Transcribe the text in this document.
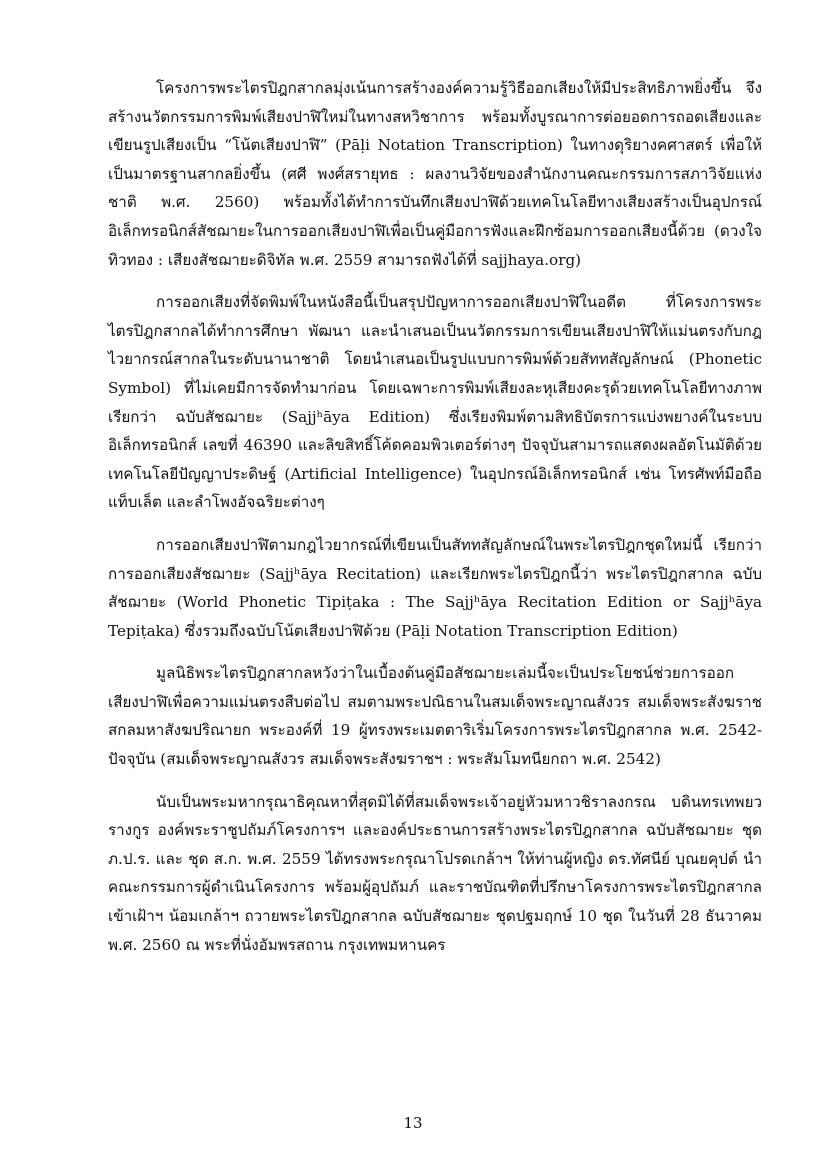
โครงการพระไตรปิฎกสากลมุ่งเน้นการสร้างองค์ความรู้วิธีออกเสียงให้มีประสิทธิภาพยิ่งขึ้น จึงสร้างนวัตกรรมการพิมพ์เสียงปาฬิใหม่ในทางสหวิชาการ พร้อมทั้งบูรณาการต่อยอดการถอดเสียงและเขียนรูปเสียงเป็น “โน้ตเสียงปาฬิ” (Pāḷi Notation Transcription) ในทางดุริยางคศาสตร์ เพื่อให้เป็นมาตรฐานสากลยิ่งขึ้น (ศศี พงศ์สรายุทธ : ผลงานวิจัยของสำนักงานคณะกรรมการสภาวิจัยแห่งชาติ พ.ศ. 2560) พร้อมทั้งได้ทำการบันทึกเสียงปาฬิด้วยเทคโนโลยีทางเสียงสร้างเป็นอุปกรณ์อิเล็กทรอนิกส์สัชฌายะในการออกเสียงปาฬิเพื่อเป็นคู่มือการฟังและฝึกซ้อมการออกเสียงนี้ด้วย (ดวงใจ ทิวทอง : เสียงสัชฌายะดิจิทัล พ.ศ. 2559 สามารถฟังได้ที่ sajjhaya.org)

การออกเสียงที่จัดพิมพ์ในหนังสือนี้เป็นสรุปปัญหาการออกเสียงปาฬิในอดีต ที่โครงการพระไตรปิฎกสากลได้ทำการศึกษา พัฒนา และนำเสนอเป็นนวัตกรรมการเขียนเสียงปาฬิให้แม่นตรงกับกฎไวยากรณ์สากลในระดับนานาชาติ โดยนำเสนอเป็นรูปแบบการพิมพ์ด้วยสัททสัญลักษณ์ (Phonetic Symbol) ที่ไม่เคยมีการจัดทำมาก่อน โดยเฉพาะการพิมพ์เสียงละหุเสียงคะรุด้วยเทคโนโลยีทางภาพ เรียกว่า ฉบับสัชฌายะ (Sajjʰāya Edition) ซึ่งเรียงพิมพ์ตามสิทธิบัตรการแบ่งพยางค์ในระบบอิเล็กทรอนิกส์ เลขที่ 46390 และลิขสิทธิ์โค้ดคอมพิวเตอร์ต่างๆ ปัจจุบันสามารถแสดงผลอัตโนมัติด้วยเทคโนโลยีปัญญาประดิษฐ์ (Artificial Intelligence) ในอุปกรณ์อิเล็กทรอนิกส์ เช่น โทรศัพท์มือถือ แท็บเล็ต และลำโพงอัจฉริยะต่างๆ

การออกเสียงปาฬิตามกฎไวยากรณ์ที่เขียนเป็นสัททสัญลักษณ์ในพระไตรปิฎกชุดใหม่นี้ เรียกว่า การออกเสียงสัชฌายะ (Sajjʰāya Recitation) และเรียกพระไตรปิฎกนี้ว่า พระไตรปิฎกสากล ฉบับสัชฌายะ (World Phonetic Tipiṭaka : The Sajjʰāya Recitation Edition or Sajjʰāya Tepiṭaka) ซึ่งรวมถึงฉบับโน้ตเสียงปาฬิด้วย (Pāḷi Notation Transcription Edition)

มูลนิธิพระไตรปิฎกสากลหวังว่าในเบื้องต้นคู่มือสัชฌายะเล่มนี้จะเป็นประโยชน์ช่วยการออกเสียงปาฬิเพื่อความแม่นตรงสืบต่อไป สมตามพระปณิธานในสมเด็จพระญาณสังวร สมเด็จพระสังฆราช สกลมหาสังฆปริณายก พระองค์ที่ 19 ผู้ทรงพระเมตตาริเริ่มโครงการพระไตรปิฎกสากล พ.ศ. 2542-ปัจจุบัน (สมเด็จพระญาณสังวร สมเด็จพระสังฆราชฯ : พระสัมโมทนียกถา พ.ศ. 2542)

นับเป็นพระมหากรุณาธิคุณหาที่สุดมิได้ที่สมเด็จพระเจ้าอยู่หัวมหาวชิราลงกรณ บดินทรเทพยวรางกูร องค์พระราชูปถัมภ์โครงการฯ และองค์ประธานการสร้างพระไตรปิฎกสากล ฉบับสัชฌายะ ชุด ภ.ป.ร. และ ชุด ส.ก. พ.ศ. 2559 ได้ทรงพระกรุณาโปรดเกล้าฯ ให้ท่านผู้หญิง ดร.ทัศนีย์ บุณยคุปต์ นำคณะกรรมการผู้ดำเนินโครงการ พร้อมผู้อุปถัมภ์ และราชบัณฑิตที่ปรึกษาโครงการพระไตรปิฎกสากล เข้าเฝ้าฯ น้อมเกล้าฯ ถวายพระไตรปิฎกสากล ฉบับสัชฌายะ ชุดปฐมฤกษ์ 10 ชุด ในวันที่ 28 ธันวาคม พ.ศ. 2560 ณ พระที่นั่งอัมพรสถาน กรุงเทพมหานคร

13
